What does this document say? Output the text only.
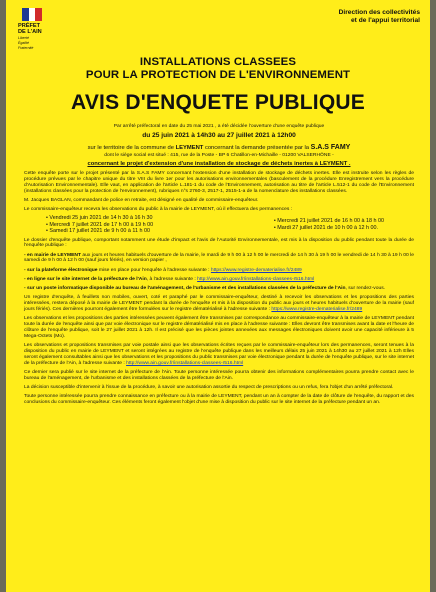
PRÉFET
DE L'AIN
Liberté
Égalité
Fraternité
Direction des collectivités
et de l'appui territorial
INSTALLATIONS CLASSEES
POUR LA PROTECTION DE L'ENVIRONNEMENT
AVIS D'ENQUETE PUBLIQUE

Par arrêté préfectoral en date du 25 mai 2021 , a été décidée l'ouverture d'une enquête publique

du 25 juin 2021 à 14h30 au 27 juillet 2021 à 12h00

sur le territoire de la commune de LEYMENT concernant la demande présentée par la S.A.S FAMY

dont le siège social est situé : 415, rue de la Poste - BP 6 Chatillon-en-Michaille - 01200 VALSERHÔNE -

concernant le projet d'extension d'une installation de stockage de déchets inertes à LEYMENT .

Cette enquête porte sur le projet présenté par la S.A.S FAMY concernant l'extension d'une installation de stockage de déchets inertes. Elle est instruite selon les règles de procédure prévues par le chapitre unique du titre VIII du livre 1er pour les autorisations environnementales (basculement de la procédure Enregistrement vers la procédure d'Autorisation Environnementale). Elle vaut, en application de l'article L.181-1 du code de l'Environnement, autorisation au titre de l'article L.512-1 du code de l'Environnement (installations classées pour la protection de l'environnement), rubriques n°s 2760-3, 2517-1, 2515-1-a de la nomenclature des installations classées.

M. Jacques BAGLAN, commandant de police en retraite, est désigné en qualité de commissaire-enquêteur.

Le commissaire-enquêteur recevra les observations du public à la mairie de LEYMENT, où il effectuera des permanences :

• Vendredi 25 juin 2021 de 14 h 30 à 16 h 30
• Mercredi 7 juillet 2021 de 17 h 00 à 19 h 00
• Samedi 17 juillet 2021 de 9 h 00 à 11 h 00
• Mercredi 21 juillet 2021 de 16 h 00 à 18 h 00
• Mardi 27 juillet 2021 de 10 h 00 à 12 h 00.

Le dossier d'enquête publique, comportant notamment une étude d'impact et l'avis de l'Autorité Environnementale, est mis à la disposition du public pendant toute la durée de l'enquête publique :

- en mairie de LEYMENT aux jours et heures habituels d'ouverture de la mairie, le mardi de 9 h 00 à 12 h 00 le mercredi de 14 h 30 à 19 h 00 le vendredi de 14 h 30 à 19 h 00 le samedi de 9 h 00 à 12 h 00 (sauf jours fériés), en version papier ,

- sur la plateforme électronique mise en place pour l'enquête à l'adresse suivante : https://www.registre-dematerialise.fr/2489

- en ligne sur le site internet de la préfecture de l'Ain, à l'adresse suivante : http://www.ain.gouv.fr/installations-classees-r516.html

- sur un poste informatique disponible au bureau de l'aménagement, de l'urbanisme et des installations classées de la préfecture de l'Ain, sur rendez-vous.

Un registre d'enquête, à feuillets non mobiles, ouvert, coté et paraphé par le commissaire-enquêteur, destiné à recevoir les observations et les propositions des parties intéressées, restera déposé à la mairie de LEYMENT pendant la durée de l'enquête et mis à la disposition du public aux jours et heures habituels d'ouverture de la mairie (sauf jours fériés). Ces dernières pourront également être formulées sur le registre dématérialisé à l'adresse suivante : https://www.registre-dematerialise.fr/2489

Les observations et les propositions des parties intéressées peuvent également être transmises par correspondance au commissaire-enquêteur à la mairie de LEYMENT pendant toute la durée de l'enquête ainsi que par voie électronique sur le registre dématérialisé mis en place à l'adresse suivante : Elles devront être transmises avant la date et l'heure de clôture de l'enquête publique, soit le 27 juillet 2021 à 12h. Il est précisé que les pièces jointes annexées aux messages électroniques doivent avoir une capacité inférieure à 5 Mega-Octets (Mo).

Les observations et propositions transmises par voie postale ainsi que les observations écrites reçues par le commissaire-enquêteur lors des permanences, seront tenues à la disposition du public en mairie de LEYMENT et seront intégrées au registre de l'enquête publique dans les meilleurs délais 25 juin 2021 à 14h30 au 27 juillet 2021 à 12h Elles seront également consultables ainsi que les observations et les propositions du public transmises par voie électronique pendant la durée de l'enquête publique, sur le site internet de la préfecture de l'Ain, à l'adresse suivante : http://www.ain.gouv.fr/installations-classees-r516.html

Ce dernier sera publié sur le site internet de la préfecture de l'Ain. Toute personne intéressée pourra obtenir des informations complémentaires pourra prendre contact avec le bureau de l'aménagement, de l'urbanisme et des installations classées de la préfecture de l'Ain.

La décision susceptible d'intervenir à l'issue de la procédure, à savoir une autorisation assortie du respect de prescriptions ou un refus, fera l'objet d'un arrêté préfectoral.

Toute personne intéressée pourra prendre connaissance en préfecture ou à la mairie de LEYMENT, pendant un an à compter de la date de clôture de l'enquête, du rapport et des conclusions du commissaire-enquêteur. Ces éléments feront également l'objet d'une mise à disposition du public sur le site internet de la préfecture pendant un an.
